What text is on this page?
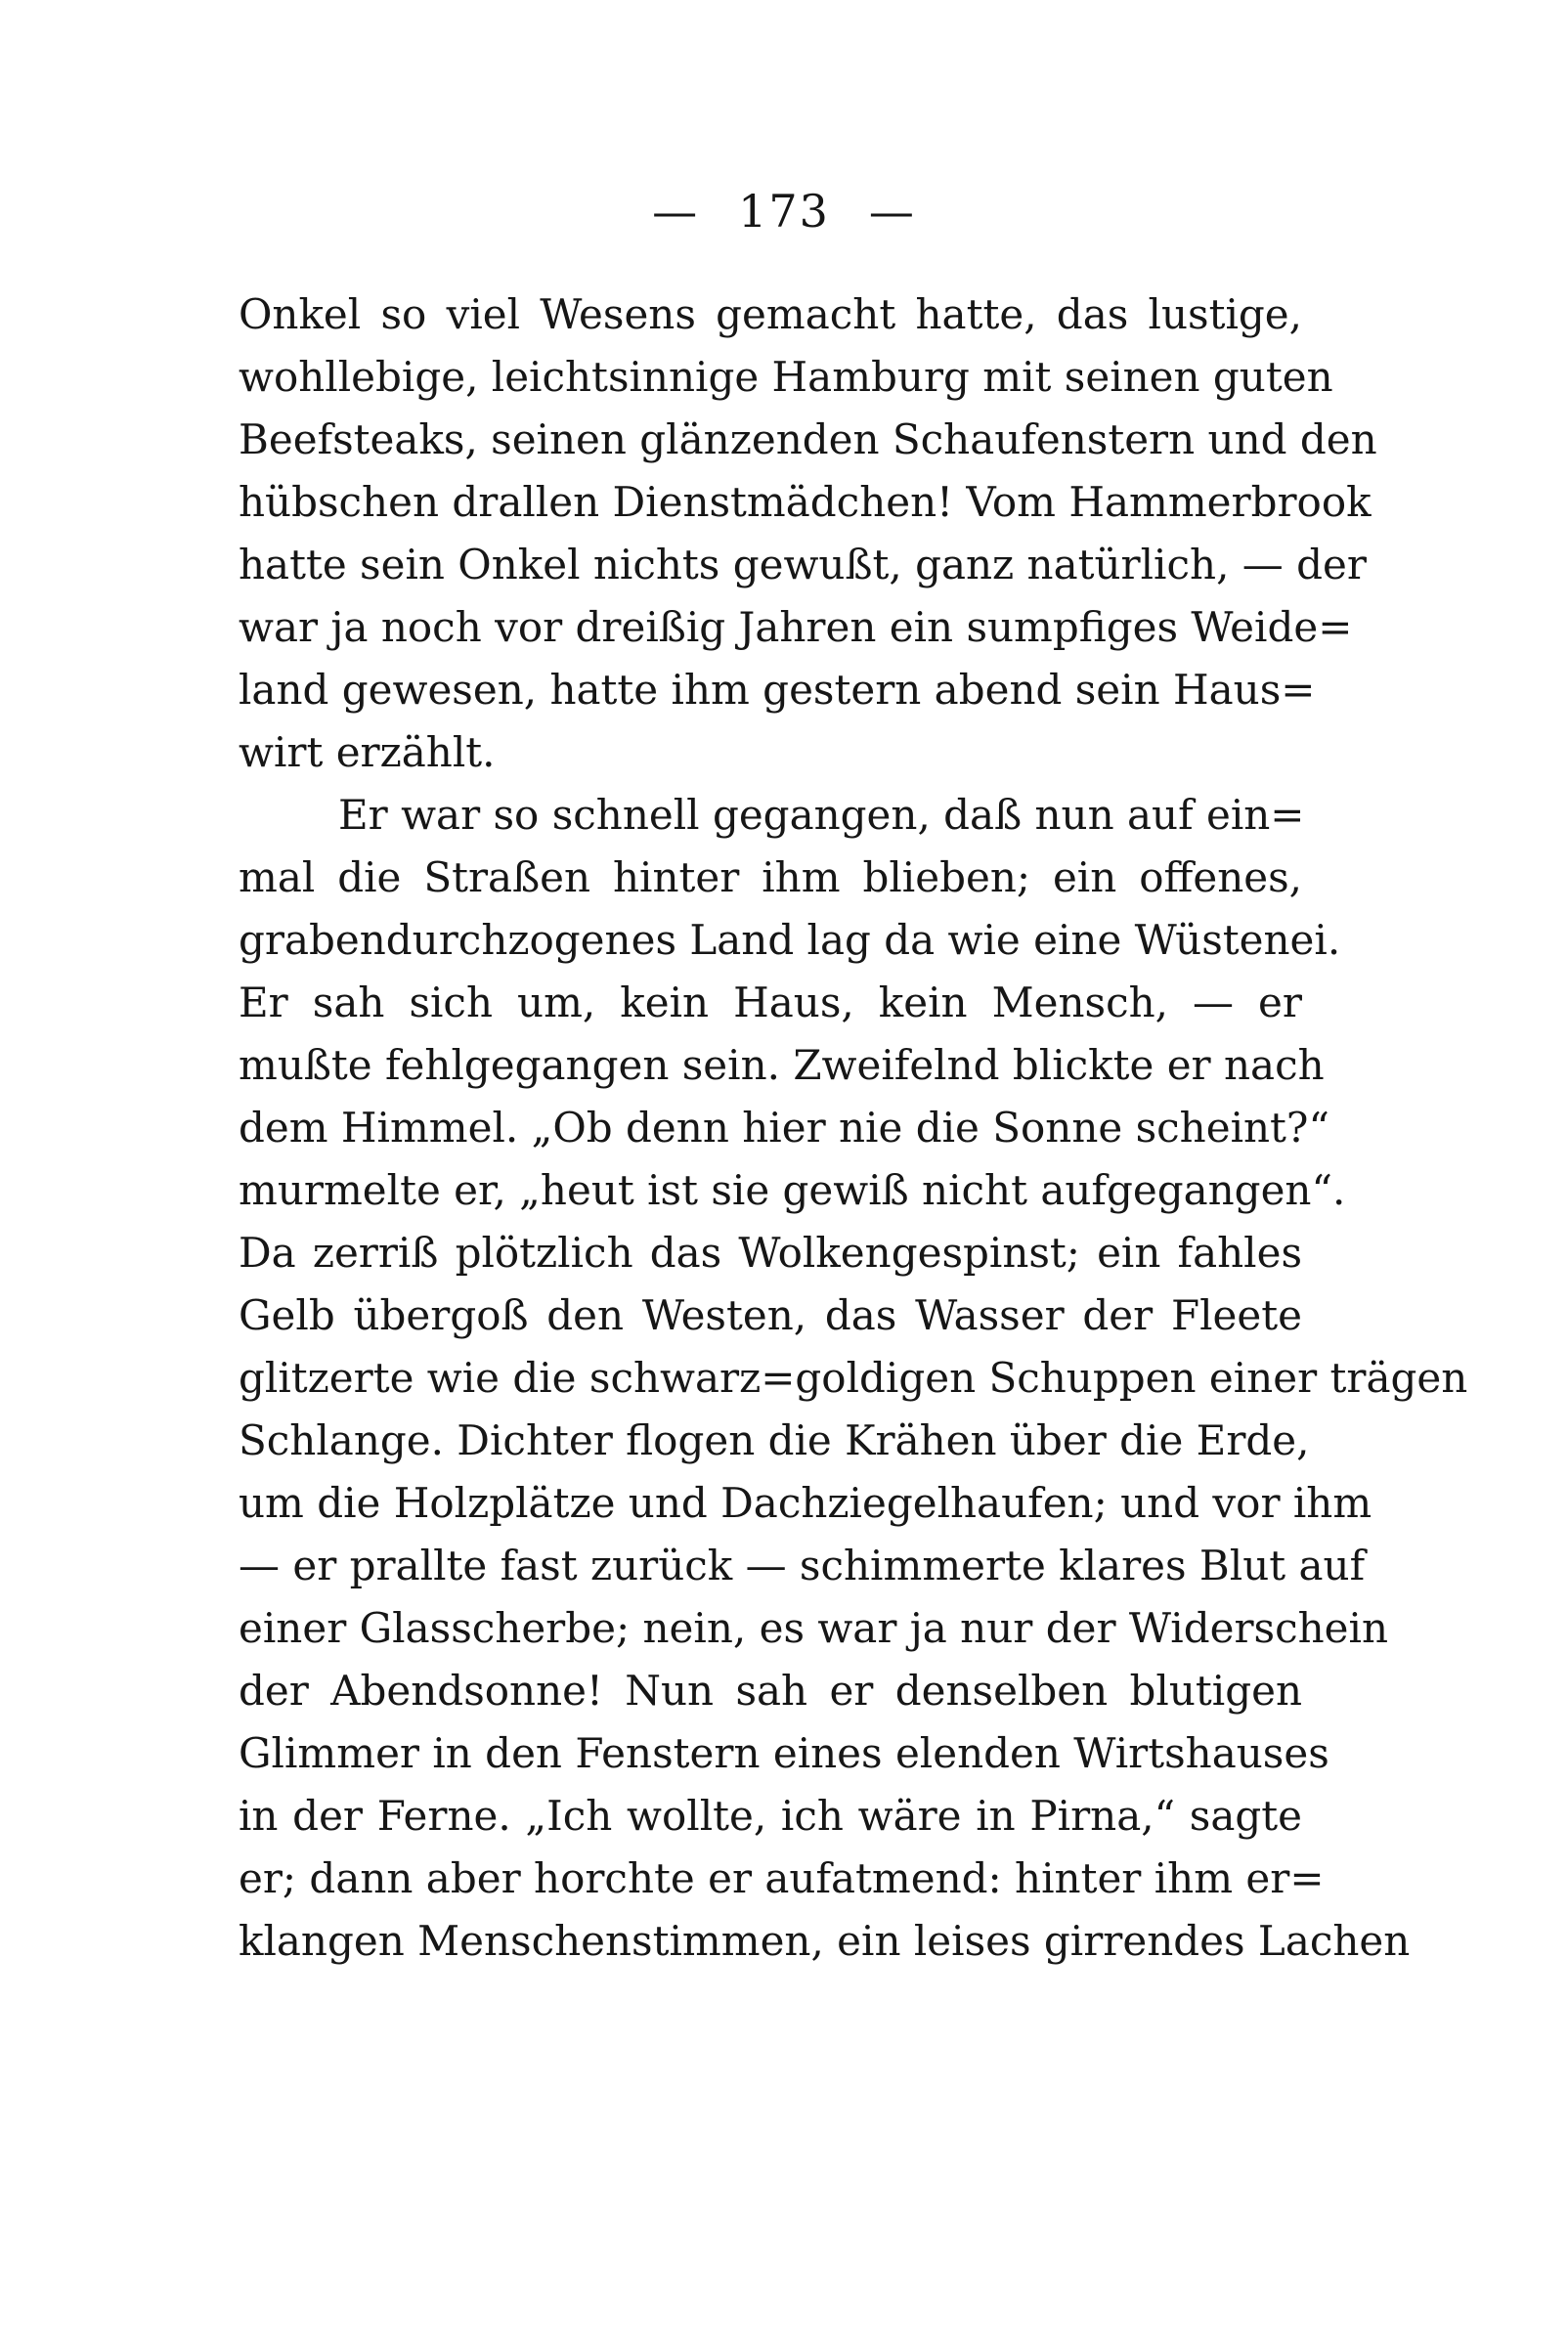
— 173 —
Onkel so viel Wesens gemacht hatte, das lustige,
wohllebige, leichtsinnige Hamburg mit seinen guten
Beefsteaks, seinen glänzenden Schaufenstern und den
hübschen drallen Dienstmädchen! Vom Hammerbrook
hatte sein Onkel nichts gewußt, ganz natürlich, — der
war ja noch vor dreißig Jahren ein sumpfiges Weide=
land gewesen, hatte ihm gestern abend sein Haus=
wirt erzählt.
Er war so schnell gegangen, daß nun auf ein=
mal die Straßen hinter ihm blieben; ein offenes,
grabendurchzogenes Land lag da wie eine Wüstenei.
Er sah sich um, kein Haus, kein Mensch, — er
mußte fehlgegangen sein. Zweifelnd blickte er nach
dem Himmel. „Ob denn hier nie die Sonne scheint?“
murmelte er, „heut ist sie gewiß nicht aufgegangen“.
Da zerriß plötzlich das Wolkengespinst; ein fahles
Gelb übergoß den Westen, das Wasser der Fleete
glitzerte wie die schwarz=goldigen Schuppen einer trägen
Schlange. Dichter flogen die Krähen über die Erde,
um die Holzplätze und Dachziegelhaufen; und vor ihm
— er prallte fast zurück — schimmerte klares Blut auf
einer Glasscherbe; nein, es war ja nur der Widerschein
der Abendsonne! Nun sah er denselben blutigen
Glimmer in den Fenstern eines elenden Wirtshauses
in der Ferne. „Ich wollte, ich wäre in Pirna,“ sagte
er; dann aber horchte er aufatmend: hinter ihm er=
klangen Menschenstimmen, ein leises girrendes Lachen
